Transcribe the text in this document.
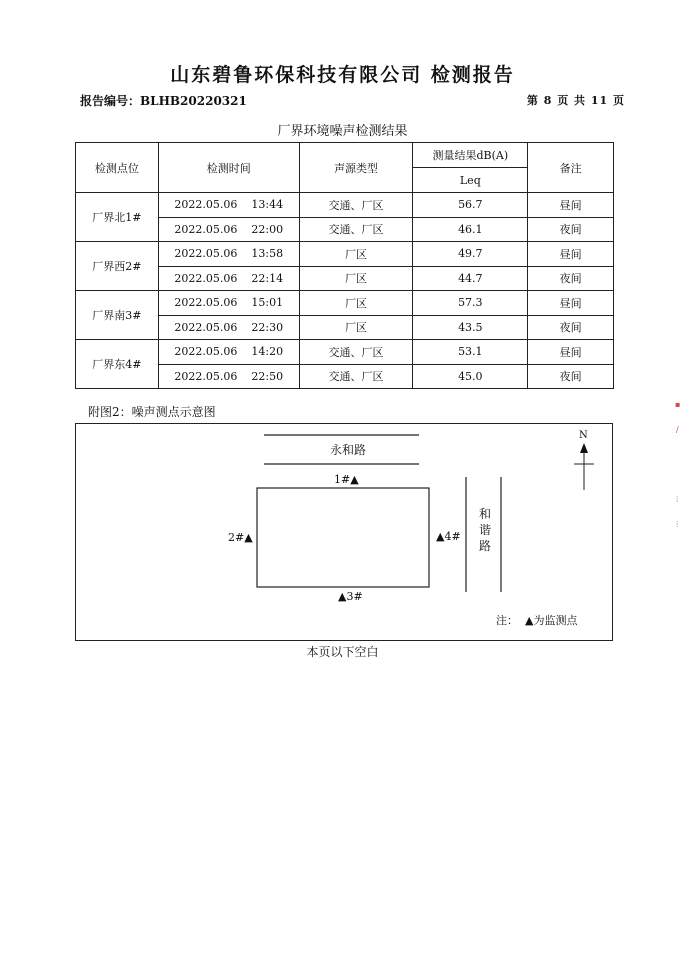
山东碧鲁环保科技有限公司 检测报告
报告编号：BLHB20220321	第 8 页 共 11 页
厂界环境噪声检测结果
检测点位	检测时间	声源类型	测量结果dB(A)	备注
			Leq	
厂界北1#	2022.05.06    13:44	交通、厂区	56.7	昼间
	2022.05.06    22:00	交通、厂区	46.1	夜间
厂界西2#	2022.05.06    13:58	厂区	49.7	昼间
	2022.05.06    22:14	厂区	44.7	夜间
厂界南3#	2022.05.06    15:01	厂区	57.3	昼间
	2022.05.06    22:30	厂区	43.5	夜间
厂界东4#	2022.05.06    14:20	交通、厂区	53.1	昼间
	2022.05.06    22:50	交通、厂区	45.0	夜间
附图2：噪声测点示意图
永和路
和
谐
路
N
1#▲
2#▲
▲3#
▲4#
注：  ▲为监测点
本页以下空白
▪
/
⁞
⁞
